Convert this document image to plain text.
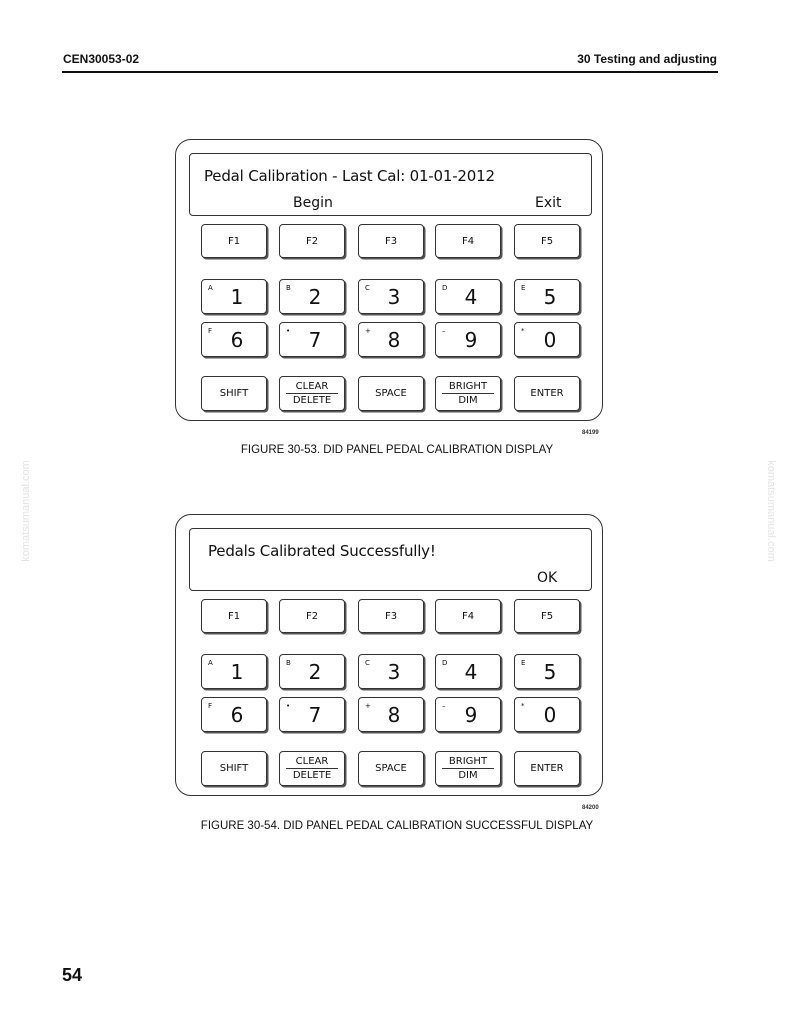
CEN30053-02	30 Testing and adjusting
komatsumanual.com	komatsumanual.com
Pedal Calibration - Last Cal: 01-01-2012
Begin	Exit
F1	F2	F3	F4	F5
A 1	B 2	C 3	D 4	E 5
F 6	• 7	+ 8	– 9	* 0
SHIFT
CLEAR
DELETE
SPACE
BRIGHT
DIM
ENTER
84199
FIGURE 30-53. DID PANEL PEDAL CALIBRATION DISPLAY
Pedals Calibrated Successfully!
OK
F1	F2	F3	F4	F5
A 1	B 2	C 3	D 4	E 5
F 6	• 7	+ 8	– 9	* 0
SHIFT
CLEAR
DELETE
SPACE
BRIGHT
DIM
ENTER
84200
FIGURE 30-54. DID PANEL PEDAL CALIBRATION SUCCESSFUL DISPLAY
54
